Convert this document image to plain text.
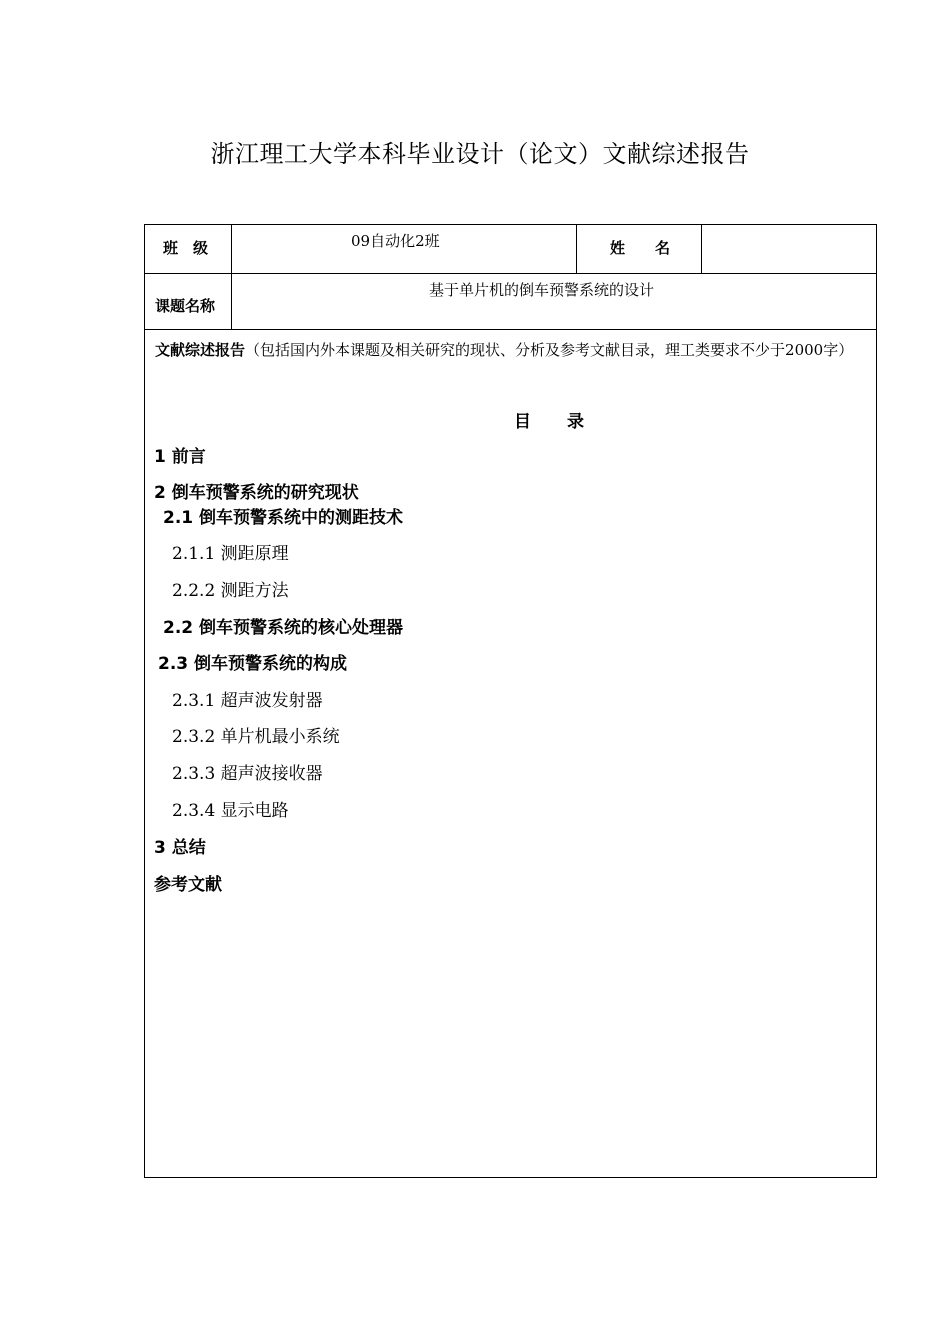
浙江理工大学本科毕业设计（论文）文献综述报告
班　级	09自动化2班	姓　　名
课题名称
基于单片机的倒车预警系统的设计
文献综述报告（包括国内外本课题及相关研究的现状、分析及参考文献目录，理工类要求不少于2000字）
目录
1 前言
2 倒车预警系统的研究现状
2.1 倒车预警系统中的测距技术
2.1.1 测距原理
2.2.2 测距方法
2.2 倒车预警系统的核心处理器
2.3 倒车预警系统的构成
2.3.1 超声波发射器
2.3.2 单片机最小系统
2.3.3 超声波接收器
2.3.4 显示电路
3 总结
参考文献
